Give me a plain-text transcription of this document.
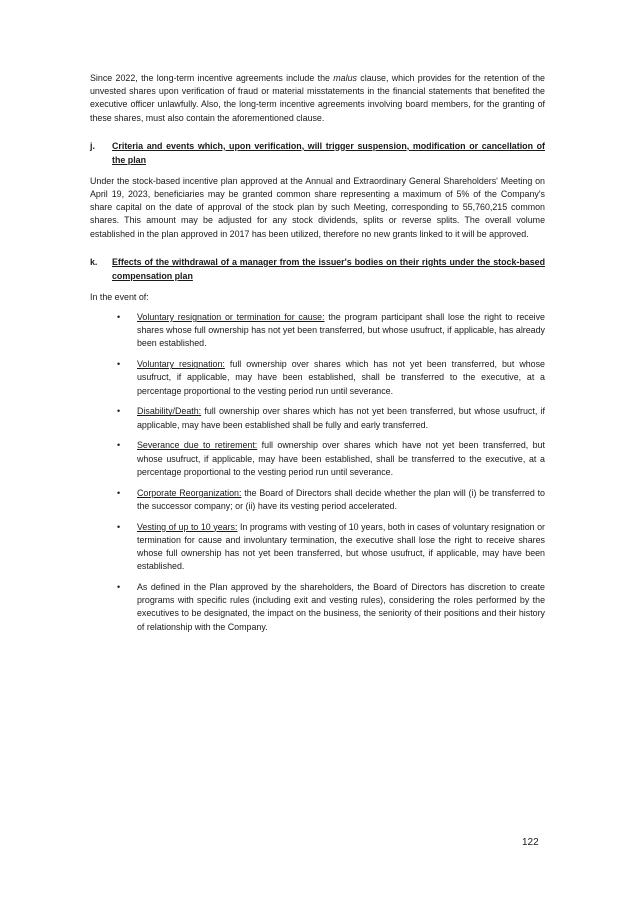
Since 2022, the long-term incentive agreements include the malus clause, which provides for the retention of the unvested shares upon verification of fraud or material misstatements in the financial statements that benefited the executive officer unlawfully. Also, the long-term incentive agreements involving board members, for the granting of these shares, must also contain the aforementioned clause.

j.	Criteria and events which, upon verification, will trigger suspension, modification or cancellation of the plan

Under the stock-based incentive plan approved at the Annual and Extraordinary General Shareholders' Meeting on April 19, 2023, beneficiaries may be granted common share representing a maximum of 5% of the Company's share capital on the date of approval of the stock plan by such Meeting, corresponding to 55,760,215 common shares. This amount may be adjusted for any stock dividends, splits or reverse splits. The overall volume established in the plan approved in 2017 has been utilized, therefore no new grants linked to it will be approved.

k.	Effects of the withdrawal of a manager from the issuer's bodies on their rights under the stock-based compensation plan

In the event of:

• Voluntary resignation or termination for cause: the program participant shall lose the right to receive shares whose full ownership has not yet been transferred, but whose usufruct, if applicable, has already been established.
• Voluntary resignation: full ownership over shares which has not yet been transferred, but whose usufruct, if applicable, may have been established, shall be transferred to the executive, at a percentage proportional to the vesting period run until severance.
• Disability/Death: full ownership over shares which has not yet been transferred, but whose usufruct, if applicable, may have been established shall be fully and early transferred.
• Severance due to retirement: full ownership over shares which have not yet been transferred, but whose usufruct, if applicable, may have been established, shall be transferred to the executive, at a percentage proportional to the vesting period run until severance.
• Corporate Reorganization: the Board of Directors shall decide whether the plan will (i) be transferred to the successor company; or (ii) have its vesting period accelerated.
• Vesting of up to 10 years: In programs with vesting of 10 years, both in cases of voluntary resignation or termination for cause and involuntary termination, the executive shall lose the right to receive shares whose full ownership has not yet been transferred, but whose usufruct, if applicable, may have been established.
• As defined in the Plan approved by the shareholders, the Board of Directors has discretion to create programs with specific rules (including exit and vesting rules), considering the roles performed by the executives to be designated, the impact on the business, the seniority of their positions and their history of relationship with the Company.
122
